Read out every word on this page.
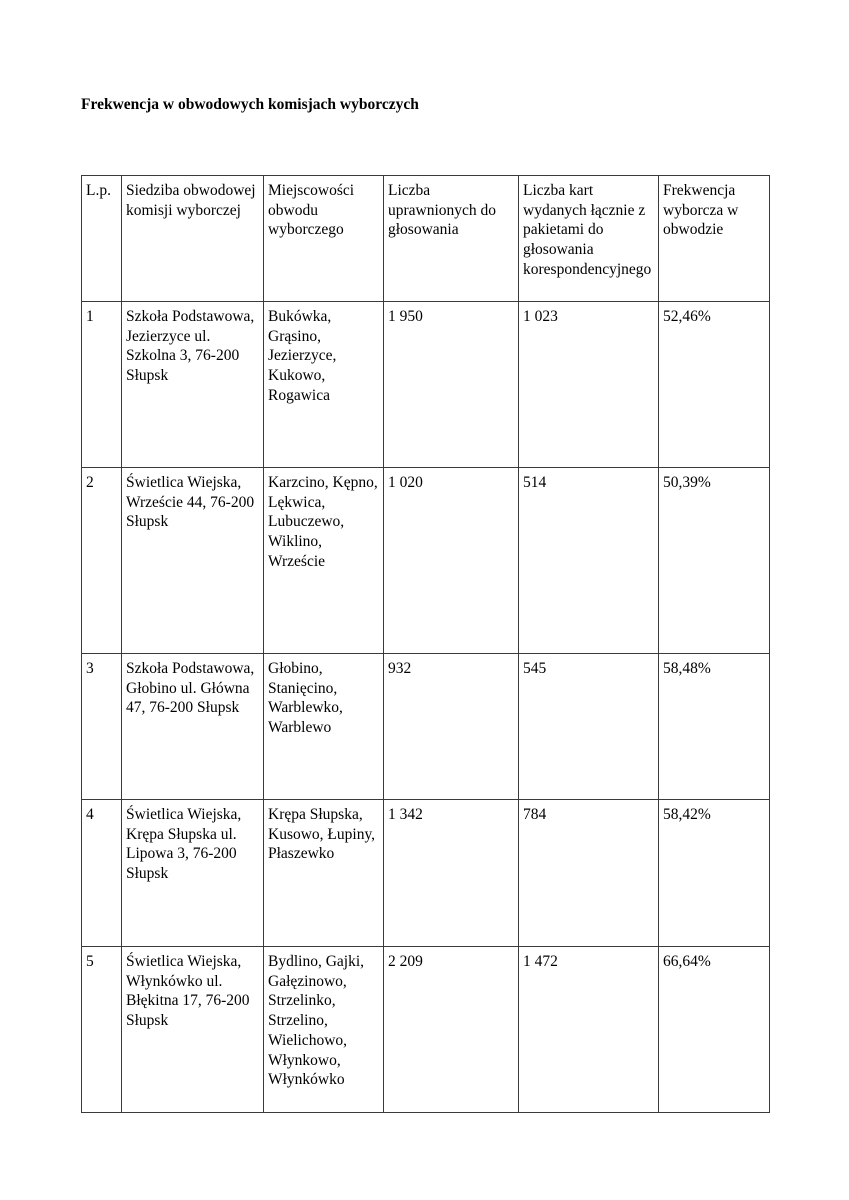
Frekwencja w obwodowych komisjach wyborczych
L.p.	Siedziba obwodowej komisji wyborczej	Miejscowości obwodu wyborczego	Liczba uprawnionych do głosowania	Liczba kart wydanych łącznie z pakietami do głosowania korespondencyjnego	Frekwencja wyborcza w obwodzie
1	Szkoła Podstawowa, Jezierzyce ul. Szkolna 3, 76-200 Słupsk	Bukówka, Grąsino, Jezierzyce, Kukowo, Rogawica	1 950	1 023	52,46%
2	Świetlica Wiejska, Wrzeście 44, 76-200 Słupsk	Karzcino, Kępno, Lękwica, Lubuczewo, Wiklino, Wrzeście	1 020	514	50,39%
3	Szkoła Podstawowa, Głobino ul. Główna 47, 76-200 Słupsk	Głobino, Stanięcino, Warblewko, Warblewo	932	545	58,48%
4	Świetlica Wiejska, Krępa Słupska ul. Lipowa 3, 76-200 Słupsk	Krępa Słupska, Kusowo, Łupiny, Płaszewko	1 342	784	58,42%
5	Świetlica Wiejska, Włynkówko ul. Błękitna 17, 76-200 Słupsk	Bydlino, Gajki, Gałęzinowo, Strzelinko, Strzelino, Wielichowo, Włynkowo, Włynkówko	2 209	1 472	66,64%
